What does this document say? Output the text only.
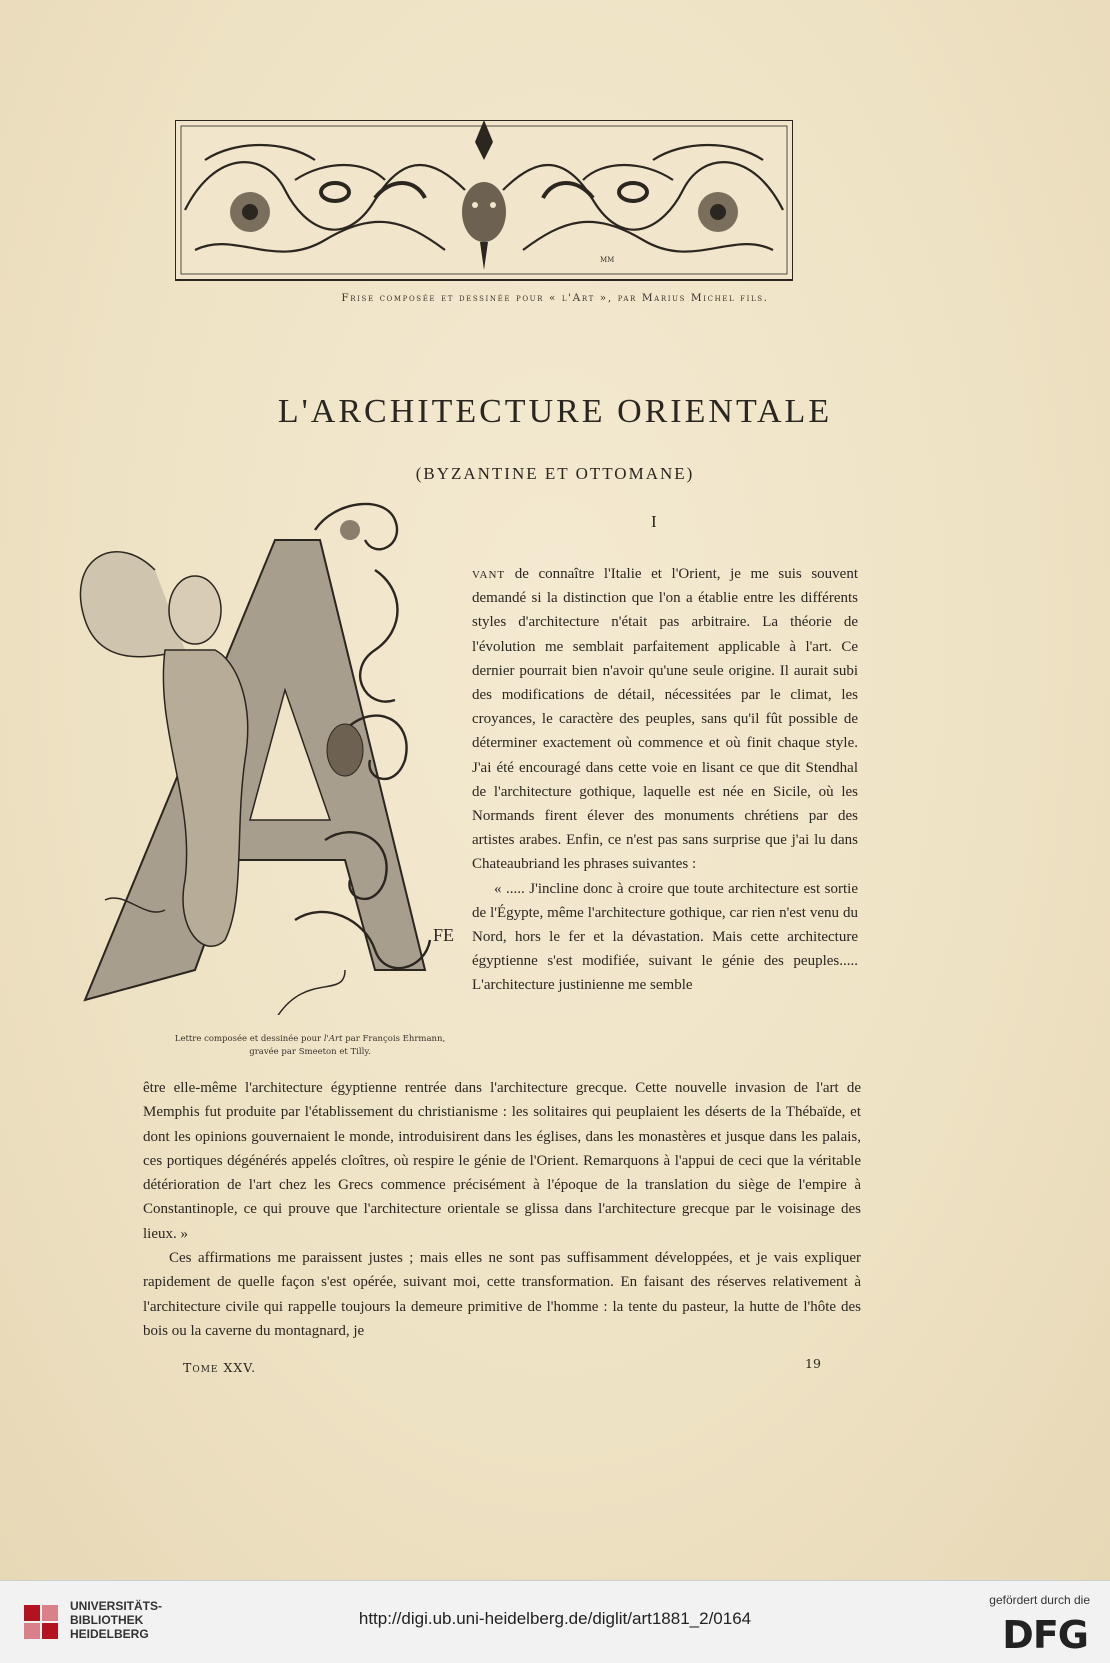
MM
Frise composée et dessinée pour « l'Art », par Marius Michel fils.
L'ARCHITECTURE ORIENTALE
(BYZANTINE ET OTTOMANE)
I
FE
Lettre composée et dessinée pour l'Art par François Ehrmann,
gravée par Smeeton et Tilly.

vant de connaître l'Italie et l'Orient, je me suis souvent demandé si la distinction que l'on a établie entre les différents styles d'architecture n'était pas arbitraire. La théorie de l'évolution me semblait parfaitement applicable à l'art. Ce dernier pourrait bien n'avoir qu'une seule origine. Il aurait subi des modifications de détail, nécessitées par le climat, les croyances, le caractère des peuples, sans qu'il fût possible de déterminer exactement où commence et où finit chaque style. J'ai été encouragé dans cette voie en lisant ce que dit Stendhal de l'architecture gothique, laquelle est née en Sicile, où les Normands firent élever des monuments chrétiens par des artistes arabes. Enfin, ce n'est pas sans surprise que j'ai lu dans Chateaubriand les phrases suivantes :

« ..... J'incline donc à croire que toute architecture est sortie de l'Égypte, même l'architecture gothique, car rien n'est venu du Nord, hors le fer et la dévastation. Mais cette architecture égyptienne s'est modifiée, suivant le génie des peuples..... L'architecture justinienne me semble

être elle-même l'architecture égyptienne rentrée dans l'architecture grecque. Cette nouvelle invasion de l'art de Memphis fut produite par l'établissement du christianisme : les solitaires qui peuplaient les déserts de la Thébaïde, et dont les opinions gouvernaient le monde, introduisirent dans les églises, dans les monastères et jusque dans les palais, ces portiques dégénérés appelés cloîtres, où respire le génie de l'Orient. Remarquons à l'appui de ceci que la véritable détérioration de l'art chez les Grecs commence précisément à l'époque de la translation du siège de l'empire à Constantinople, ce qui prouve que l'architecture orientale se glissa dans l'architecture grecque par le voisinage des lieux. »

Ces affirmations me paraissent justes ; mais elles ne sont pas suffisamment développées, et je vais expliquer rapidement de quelle façon s'est opérée, suivant moi, cette transformation. En faisant des réserves relativement à l'architecture civile qui rappelle toujours la demeure primitive de l'homme : la tente du pasteur, la hutte de l'hôte des bois ou la caverne du montagnard, je

Tome XXV.	19
UNIVERSITÄTS-
BIBLIOTHEK
HEIDELBERG
http://digi.ub.uni-heidelberg.de/diglit/art1881_2/0164
gefördert durch die
DFG
